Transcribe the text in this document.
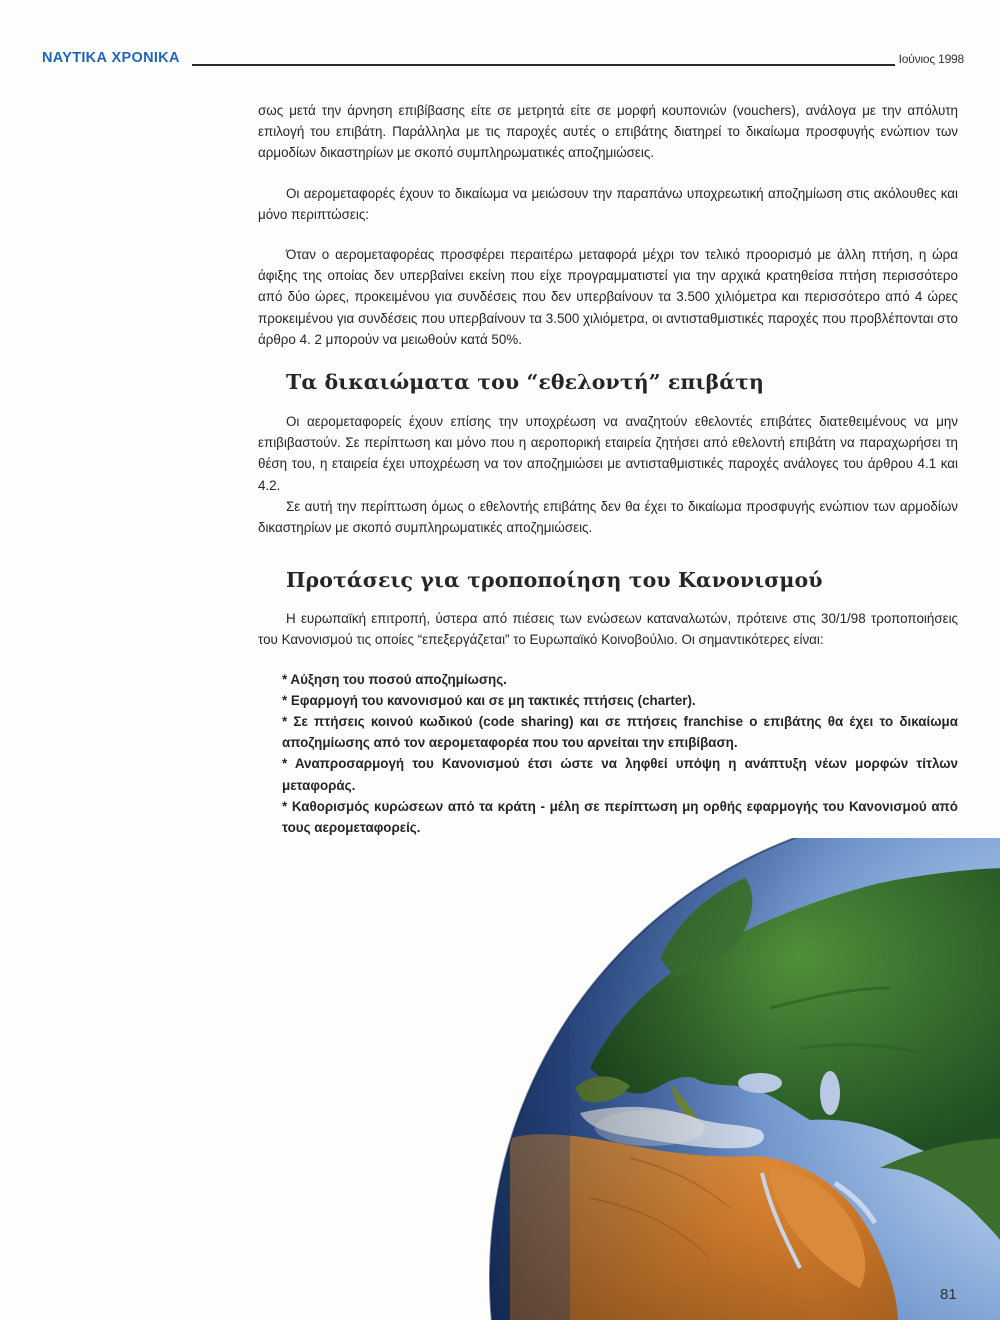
ΝΑΥΤΙΚΑ ΧΡΟΝΙΚΑ	Ιούνιος 1998

σως μετά την άρνηση επιβίβασης είτε σε μετρητά είτε σε μορφή κουπονιών (vouchers), ανάλογα με την απόλυτη επιλογή του επιβάτη. Παράλληλα με τις παροχές αυτές ο επιβάτης διατηρεί το δικαίωμα προσφυγής ενώπιον των αρμοδίων δικαστηρίων με σκοπό συμπληρωματικές αποζημιώσεις.

Οι αερομεταφορές έχουν το δικαίωμα να μειώσουν την παραπάνω υποχρεωτική αποζημίωση στις ακόλουθες και μόνο περιπτώσεις:

Όταν ο αερομεταφορέας προσφέρει περαιτέρω μεταφορά μέχρι τον τελικό προορισμό με άλλη πτήση, η ώρα άφιξης της οποίας δεν υπερβαίνει εκείνη που είχε προγραμματιστεί για την αρχικά κρατηθείσα πτήση περισσότερο από δύο ώρες, προκειμένου για συνδέσεις που δεν υπερβαίνουν τα 3.500 χιλιόμετρα και περισσότερο από 4 ώρες προκειμένου για συνδέσεις που υπερβαίνουν τα 3.500 χιλιόμετρα, οι αντισταθμιστικές παροχές που προβλέπονται στο άρθρο 4. 2 μπορούν να μειωθούν κατά 50%.

Τα δικαιώματα του “εθελοντή” επιβάτη

Οι αερομεταφορείς έχουν επίσης την υποχρέωση να αναζητούν εθελοντές επιβάτες διατεθειμένους να μην επιβιβαστούν. Σε περίπτωση και μόνο που η αεροπορική εταιρεία ζητήσει από εθελοντή επιβάτη να παραχωρήσει τη θέση του, η εταιρεία έχει υποχρέωση να τον αποζημιώσει με αντισταθμιστικές παροχές ανάλογες του άρθρου 4.1 και 4.2.

Σε αυτή την περίπτωση όμως ο εθελοντής επιβάτης δεν θα έχει το δικαίωμα προσφυγής ενώπιον των αρμοδίων δικαστηρίων με σκοπό συμπληρωματικές αποζημιώσεις.

Προτάσεις για τροποποίηση του Κανονισμού

Η ευρωπαϊκή επιτροπή, ύστερα από πιέσεις των ενώσεων καταναλωτών, πρότεινε στις 30/1/98 τροποποιήσεις του Κανονισμού τις οποίες “επεξεργάζεται” το Ευρωπαϊκό Κοινοβούλιο. Οι σημαντικότερες είναι:

* Αύξηση του ποσού αποζημίωσης.
* Εφαρμογή του κανονισμού και σε μη τακτικές πτήσεις (charter).
* Σε πτήσεις κοινού κωδικού (code sharing) και σε πτήσεις franchise ο επιβάτης θα έχει το δικαίωμα αποζημίωσης από τον αερομεταφορέα που του αρνείται την επιβίβαση.
* Αναπροσαρμογή του Κανονισμού έτσι ώστε να ληφθεί υπόψη η ανάπτυξη νέων μορφών τίτλων μεταφοράς.
* Καθορισμός κυρώσεων από τα κράτη - μέλη σε περίπτωση μη ορθής εφαρμογής του Κανονισμού από τους αερομεταφορείς.
81
